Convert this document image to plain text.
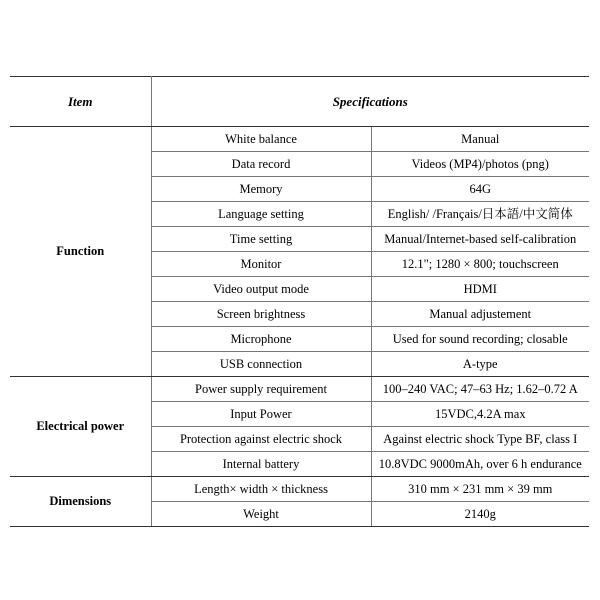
Item	Specifications	
Function	White balance	Manual
	Data record	Videos (MP4)/photos (png)
	Memory	64G
	Language setting	English/ /Français/日本語/中文简体
	Time setting	Manual/Internet-based self-calibration
	Monitor	12.1"; 1280 × 800; touchscreen
	Video output mode	HDMI
	Screen brightness	Manual adjustement
	Microphone	Used for sound recording; closable
	USB connection	A-type
Electrical power	Power supply requirement	100–240 VAC; 47–63 Hz; 1.62–0.72 A
	Input Power	15VDC,4.2A max
	Protection against electric shock	Against electric shock Type BF, class I
	Internal battery	10.8VDC 9000mAh, over 6 h endurance
Dimensions	Length× width × thickness	310 mm × 231 mm × 39 mm
	Weight	2140g
